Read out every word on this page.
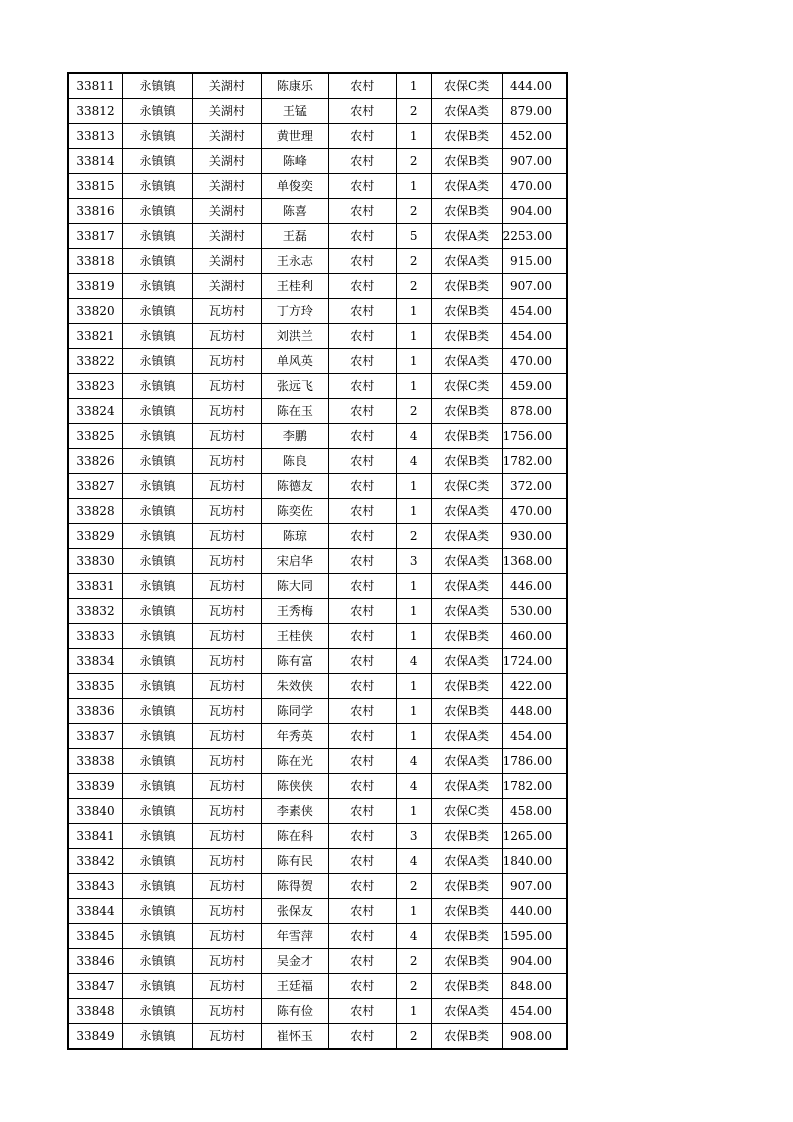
33811	永镇镇	关湖村	陈康乐	农村	1	农保C类	444.00
33812	永镇镇	关湖村	王锰	农村	2	农保A类	879.00
33813	永镇镇	关湖村	黄世理	农村	1	农保B类	452.00
33814	永镇镇	关湖村	陈峰	农村	2	农保B类	907.00
33815	永镇镇	关湖村	单俊奕	农村	1	农保A类	470.00
33816	永镇镇	关湖村	陈喜	农村	2	农保B类	904.00
33817	永镇镇	关湖村	王磊	农村	5	农保A类	2253.00
33818	永镇镇	关湖村	王永志	农村	2	农保A类	915.00
33819	永镇镇	关湖村	王桂利	农村	2	农保B类	907.00
33820	永镇镇	瓦坊村	丁方玲	农村	1	农保B类	454.00
33821	永镇镇	瓦坊村	刘洪兰	农村	1	农保B类	454.00
33822	永镇镇	瓦坊村	单风英	农村	1	农保A类	470.00
33823	永镇镇	瓦坊村	张远飞	农村	1	农保C类	459.00
33824	永镇镇	瓦坊村	陈在玉	农村	2	农保B类	878.00
33825	永镇镇	瓦坊村	李鹏	农村	4	农保B类	1756.00
33826	永镇镇	瓦坊村	陈良	农村	4	农保B类	1782.00
33827	永镇镇	瓦坊村	陈德友	农村	1	农保C类	372.00
33828	永镇镇	瓦坊村	陈奕佐	农村	1	农保A类	470.00
33829	永镇镇	瓦坊村	陈琼	农村	2	农保A类	930.00
33830	永镇镇	瓦坊村	宋启华	农村	3	农保A类	1368.00
33831	永镇镇	瓦坊村	陈大同	农村	1	农保A类	446.00
33832	永镇镇	瓦坊村	王秀梅	农村	1	农保A类	530.00
33833	永镇镇	瓦坊村	王桂侠	农村	1	农保B类	460.00
33834	永镇镇	瓦坊村	陈有富	农村	4	农保A类	1724.00
33835	永镇镇	瓦坊村	朱效侠	农村	1	农保B类	422.00
33836	永镇镇	瓦坊村	陈同学	农村	1	农保B类	448.00
33837	永镇镇	瓦坊村	年秀英	农村	1	农保A类	454.00
33838	永镇镇	瓦坊村	陈在光	农村	4	农保A类	1786.00
33839	永镇镇	瓦坊村	陈侠侠	农村	4	农保A类	1782.00
33840	永镇镇	瓦坊村	李素侠	农村	1	农保C类	458.00
33841	永镇镇	瓦坊村	陈在科	农村	3	农保B类	1265.00
33842	永镇镇	瓦坊村	陈有民	农村	4	农保A类	1840.00
33843	永镇镇	瓦坊村	陈得贺	农村	2	农保B类	907.00
33844	永镇镇	瓦坊村	张保友	农村	1	农保B类	440.00
33845	永镇镇	瓦坊村	年雪萍	农村	4	农保B类	1595.00
33846	永镇镇	瓦坊村	吴金才	农村	2	农保B类	904.00
33847	永镇镇	瓦坊村	王廷福	农村	2	农保B类	848.00
33848	永镇镇	瓦坊村	陈有俭	农村	1	农保A类	454.00
33849	永镇镇	瓦坊村	崔怀玉	农村	2	农保B类	908.00
